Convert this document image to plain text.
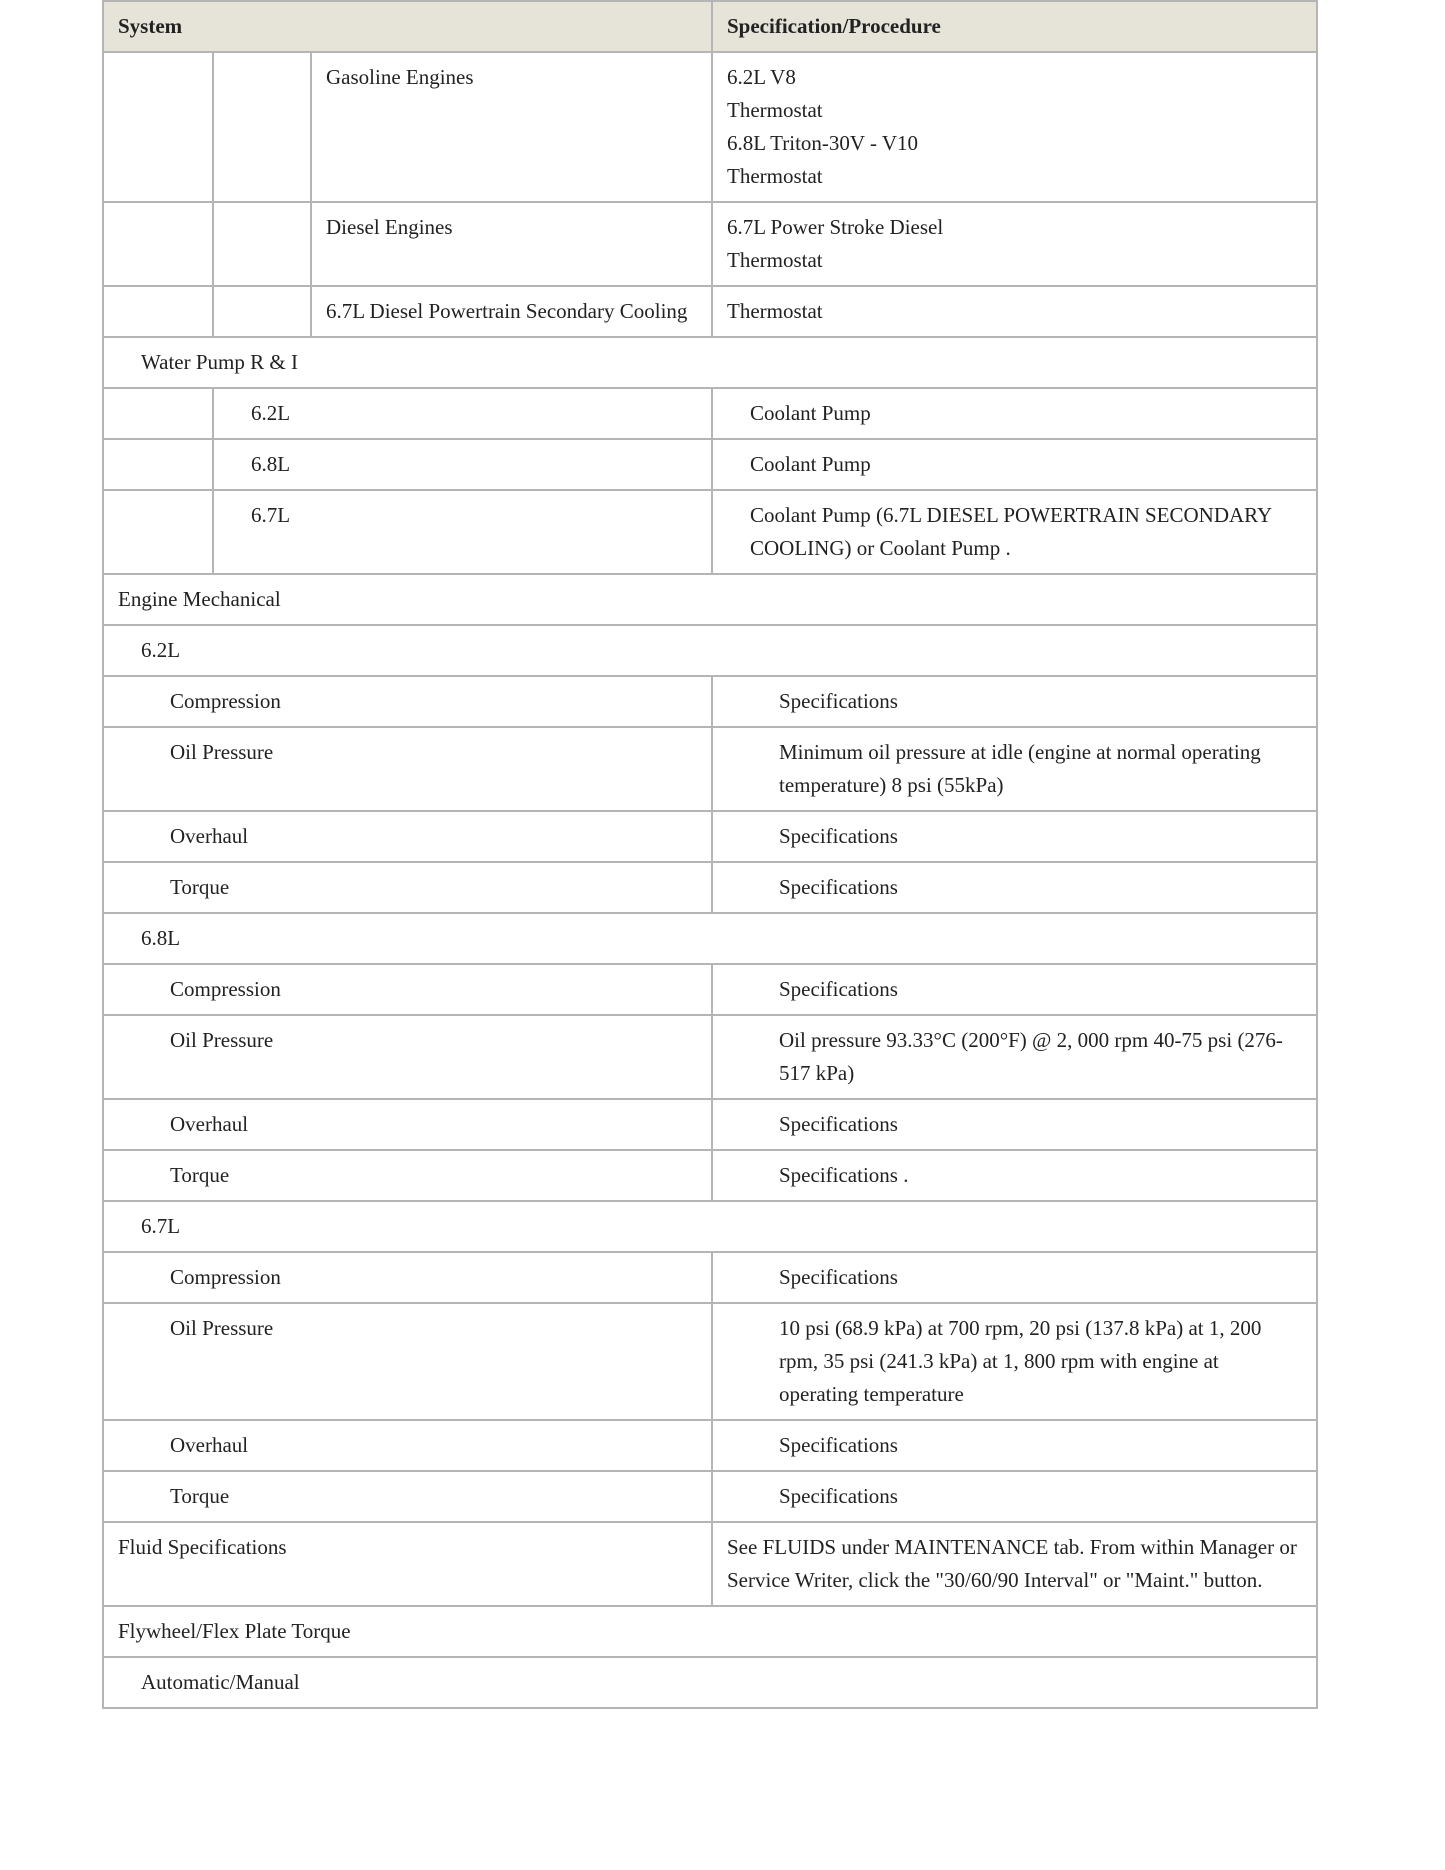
System			Specification/Procedure
		Gasoline Engines	6.2L V8
Thermostat
6.8L Triton-30V - V10
Thermostat

		Diesel Engines	6.7L Power Stroke Diesel
Thermostat

		6.7L Diesel Powertrain Secondary Cooling	Thermostat
Water Pump R & I			
	6.2L		Coolant Pump
	6.8L		Coolant Pump
	6.7L		Coolant Pump (6.7L DIESEL POWERTRAIN SECONDARY COOLING) or Coolant Pump .
Engine Mechanical			
6.2L			
Compression			Specifications
Oil Pressure			Minimum oil pressure at idle (engine at normal operating temperature) 8 psi (55kPa)
Overhaul			Specifications
Torque			Specifications
6.8L			
Compression			Specifications
Oil Pressure			Oil pressure 93.33°C (200°F) @ 2, 000 rpm 40-75 psi (276-517 kPa)
Overhaul			Specifications
Torque			Specifications .
6.7L			
Compression			Specifications
Oil Pressure			10 psi (68.9 kPa) at 700 rpm, 20 psi (137.8 kPa) at 1, 200 rpm, 35 psi (241.3 kPa) at 1, 800 rpm with engine at operating temperature
Overhaul			Specifications
Torque			Specifications
Fluid Specifications			See FLUIDS under MAINTENANCE tab. From within Manager or Service Writer, click the "30/60/90 Interval" or "Maint." button.
Flywheel/Flex Plate Torque			
Automatic/Manual			
